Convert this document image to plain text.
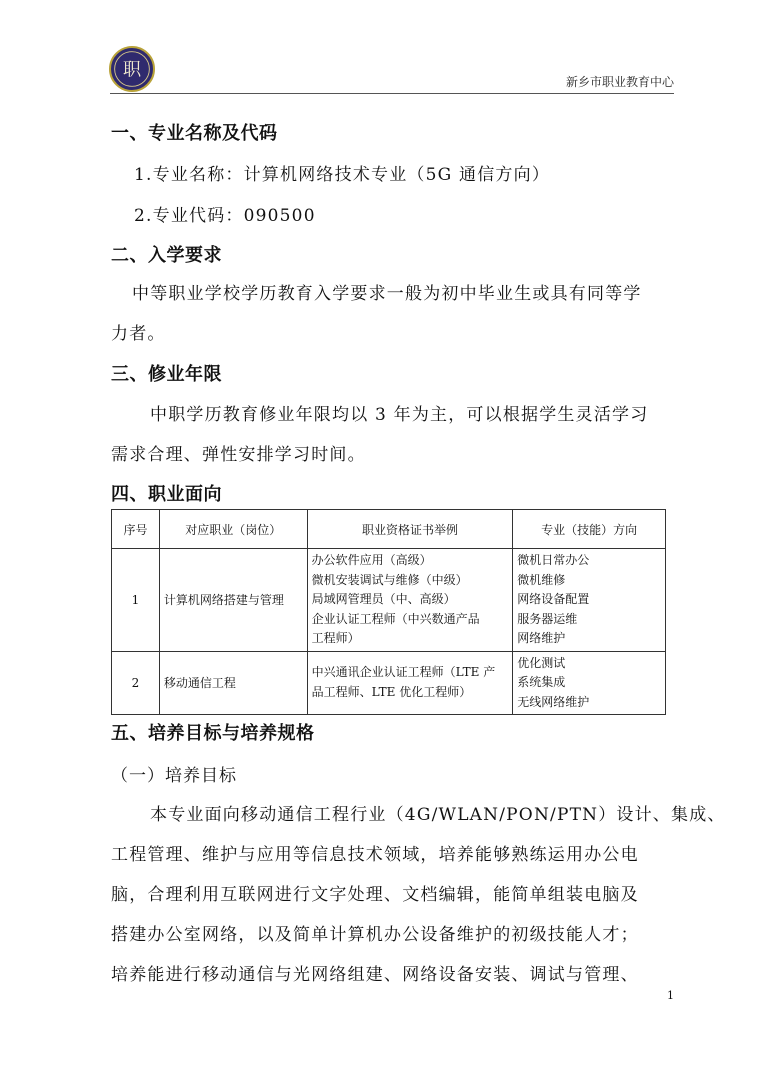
职
新乡市职业教育中心
一、专业名称及代码
1.专业名称：计算机网络技术专业（5G 通信方向）
2.专业代码：090500
二、入学要求
中等职业学校学历教育入学要求一般为初中毕业生或具有同等学
力者。
三、修业年限
中职学历教育修业年限均以 3 年为主，可以根据学生灵活学习
需求合理、弹性安排学习时间。
四、职业面向
序号	对应职业（岗位）	职业资格证书举例	专业（技能）方向
1	计算机网络搭建与管理	办公软件应用（高级）
微机安装调试与维修（中级）
局域网管理员（中、高级）
企业认证工程师（中兴数通产品
工程师）	微机日常办公
微机维修
网络设备配置
服务器运维
网络维护

2	移动通信工程	中兴通讯企业认证工程师（LTE 产
品工程师、LTE 优化工程师）	优化测试
系统集成
无线网络维护
五、培养目标与培养规格
（一）培养目标
本专业面向移动通信工程行业（4G/WLAN/PON/PTN）设计、集成、
工程管理、维护与应用等信息技术领域，培养能够熟练运用办公电
脑，合理利用互联网进行文字处理、文档编辑，能简单组装电脑及
搭建办公室网络，以及简单计算机办公设备维护的初级技能人才；
培养能进行移动通信与光网络组建、网络设备安装、调试与管理、
1
